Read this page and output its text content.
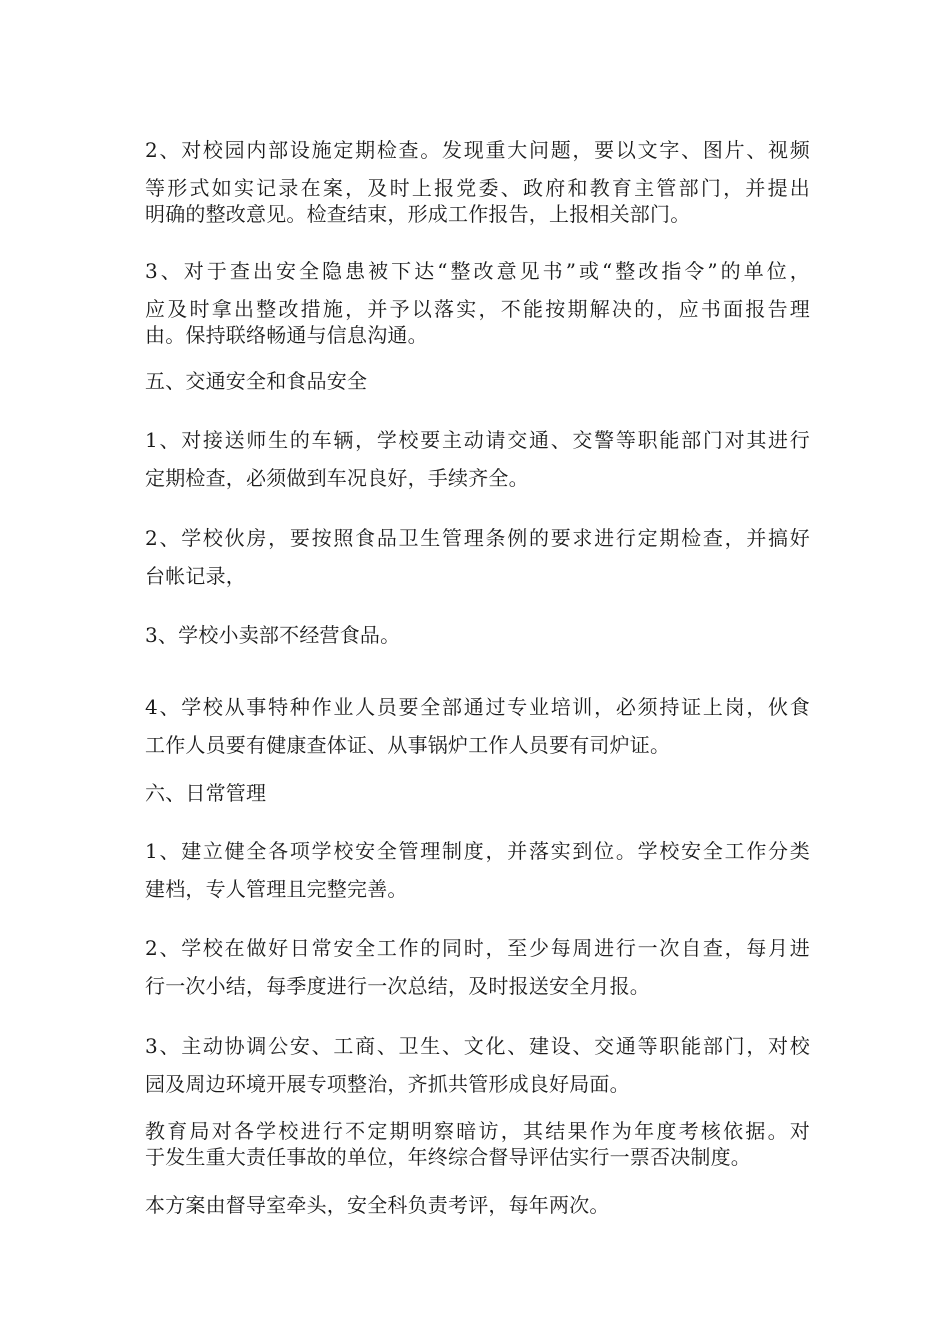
2、对校园内部设施定期检查。发现重大问题，要以文字、图片、视频
等形式如实记录在案，及时上报党委、政府和教育主管部门，并提出
明确的整改意见。检查结束，形成工作报告，上报相关部门。
3、对于查出安全隐患被下达“整改意见书”或“整改指令”的单位，
应及时拿出整改措施，并予以落实，不能按期解决的，应书面报告理
由。保持联络畅通与信息沟通。
五、交通安全和食品安全
1、对接送师生的车辆，学校要主动请交通、交警等职能部门对其进行
定期检查，必须做到车况良好，手续齐全。
2、学校伙房，要按照食品卫生管理条例的要求进行定期检查，并搞好
台帐记录，
3、学校小卖部不经营食品。
4、学校从事特种作业人员要全部通过专业培训，必须持证上岗，伙食
工作人员要有健康查体证、从事锅炉工作人员要有司炉证。
六、日常管理
1、建立健全各项学校安全管理制度，并落实到位。学校安全工作分类
建档，专人管理且完整完善。
2、学校在做好日常安全工作的同时，至少每周进行一次自查，每月进
行一次小结，每季度进行一次总结，及时报送安全月报。
3、主动协调公安、工商、卫生、文化、建设、交通等职能部门，对校
园及周边环境开展专项整治，齐抓共管形成良好局面。
教育局对各学校进行不定期明察暗访，其结果作为年度考核依据。对
于发生重大责任事故的单位，年终综合督导评估实行一票否决制度。
本方案由督导室牵头，安全科负责考评，每年两次。
